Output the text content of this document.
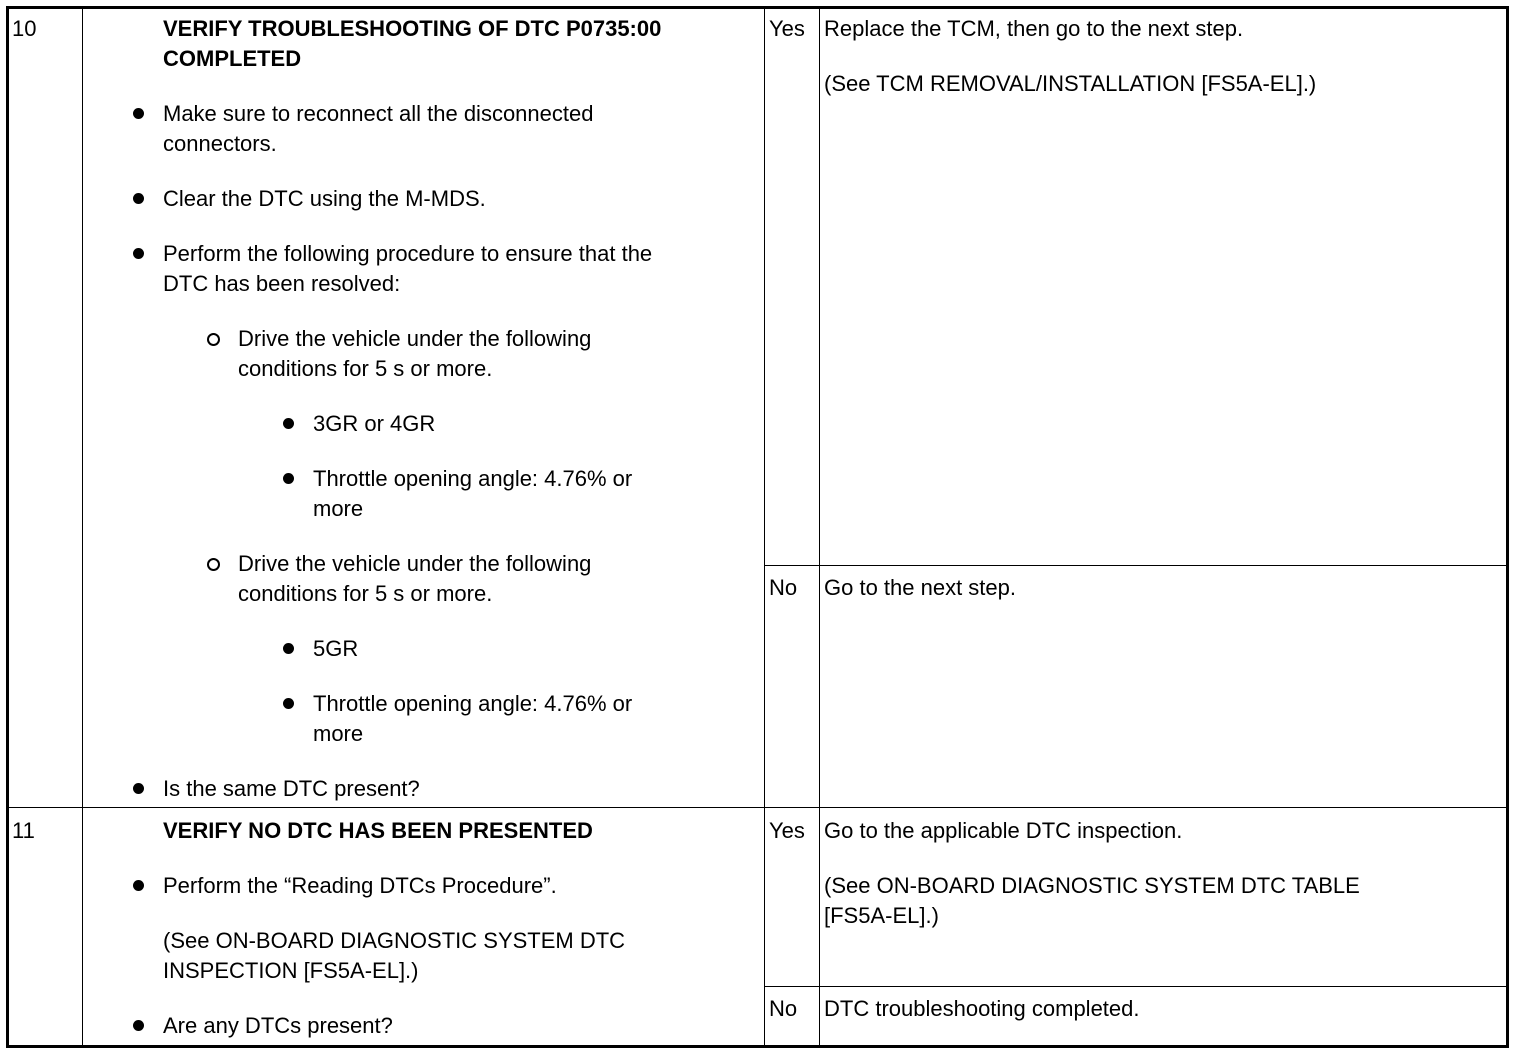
10	VERIFY TROUBLESHOOTING OF DTC P0735:00
COMPLETED
Make sure to reconnect all the disconnected
connectors.
Clear the DTC using the M-MDS.
Perform the following procedure to ensure that the
DTC has been resolved:
Drive the vehicle under the following
conditions for 5 s or more.
3GR or 4GR
Throttle opening angle: 4.76% or
more
Drive the vehicle under the following
conditions for 5 s or more.
5GR
Throttle opening angle: 4.76% or
more
Is the same DTC present?
Yes Replace the TCM, then go to the next step.
(See TCM REMOVAL/INSTALLATION [FS5A-EL].)
No Go to the next step.
11	VERIFY NO DTC HAS BEEN PRESENTED
Perform the “Reading DTCs Procedure”.
(See ON-BOARD DIAGNOSTIC SYSTEM DTC
INSPECTION [FS5A-EL].)
Are any DTCs present?
Yes Go to the applicable DTC inspection.
(See ON-BOARD DIAGNOSTIC SYSTEM DTC TABLE
[FS5A-EL].)
No DTC troubleshooting completed.
